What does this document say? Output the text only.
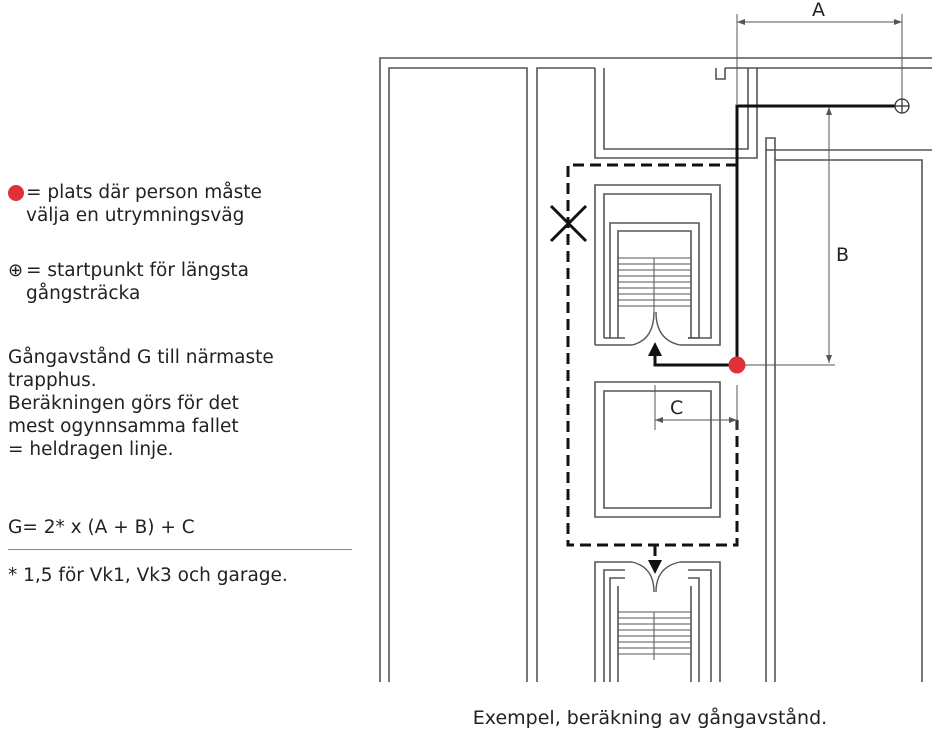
= plats där person måste
välja en utrymningsväg
⊕ = startpunkt för längsta
gångsträcka
Gångavstånd G till närmaste
trapphus.
Beräkningen görs för det
mest ogynnsamma fallet
= heldragen linje.
G= 2* x (A + B) + C
* 1,5 för Vk1, Vk3 och garage.
A
B
C
Exempel, beräkning av gångavstånd.
